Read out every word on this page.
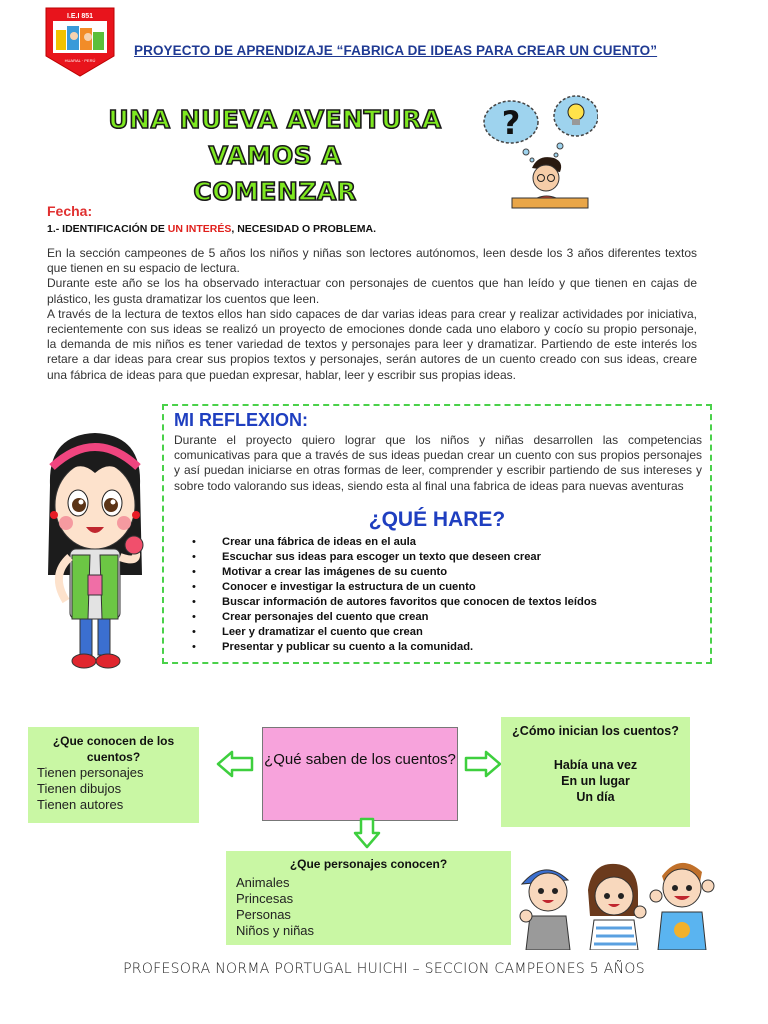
I.E.I 851
HUARAL · PERÚ
PROYECTO DE APRENDIZAJE “FABRICA DE IDEAS PARA CREAR UN CUENTO”
UNA NUEVA AVENTURA VAMOS A
COMENZAR
?
Fecha:
1.- IDENTIFICACIÓN DE UN INTERÉS, NECESIDAD O PROBLEMA.

En la sección campeones de 5 años los niños y niñas son lectores autónomos, leen desde los 3 años diferentes textos que tienen en su espacio de lectura.

Durante este año se los ha observado interactuar con personajes de cuentos que han leído y que tienen en cajas de plástico, les gusta dramatizar los cuentos que leen.

A través de la lectura de textos ellos han sido capaces de dar varias ideas para crear y realizar actividades por iniciativa, recientemente con sus ideas se realizó un proyecto de emociones donde cada uno elaboro y cocío su propio personaje, la demanda de mis niños es tener variedad de textos y personajes para leer y dramatizar. Partiendo de este interés los retare a dar ideas para crear sus propios textos y personajes, serán autores de un cuento creado con sus ideas, creare una fábrica de ideas para que puedan expresar, hablar, leer y escribir sus propias ideas.

MI REFLEXION:
Durante el proyecto quiero lograr que los niños y niñas desarrollen las competencias comunicativas para que a través de sus ideas puedan crear un cuento con sus propios personajes y así puedan iniciarse en otras formas de leer, comprender y escribir partiendo de sus intereses y sobre todo valorando sus ideas, siendo esta al final una fabrica de ideas para nuevas aventuras
¿QUÉ HARE?
• Crear una fábrica de ideas en el aula
• Escuchar sus ideas para escoger un texto que deseen crear
• Motivar a crear las imágenes de su cuento
• Conocer e investigar la estructura de un cuento
• Buscar información de autores favoritos que conocen de textos leídos
• Crear personajes del cuento que crean
• Leer y dramatizar el cuento que crean
• Presentar y publicar su cuento a la comunidad.
¿Que conocen de los cuentos?
Tienen personajes
Tienen dibujos
Tienen autores
¿Qué saben de los cuentos?
¿Cómo inician los cuentos?
Había una vez
En un lugar
Un día
¿Que personajes conocen?
Animales
Princesas
Personas
Niños y niñas
PROFESORA NORMA PORTUGAL HUICHI – SECCION CAMPEONES 5 AÑOS
